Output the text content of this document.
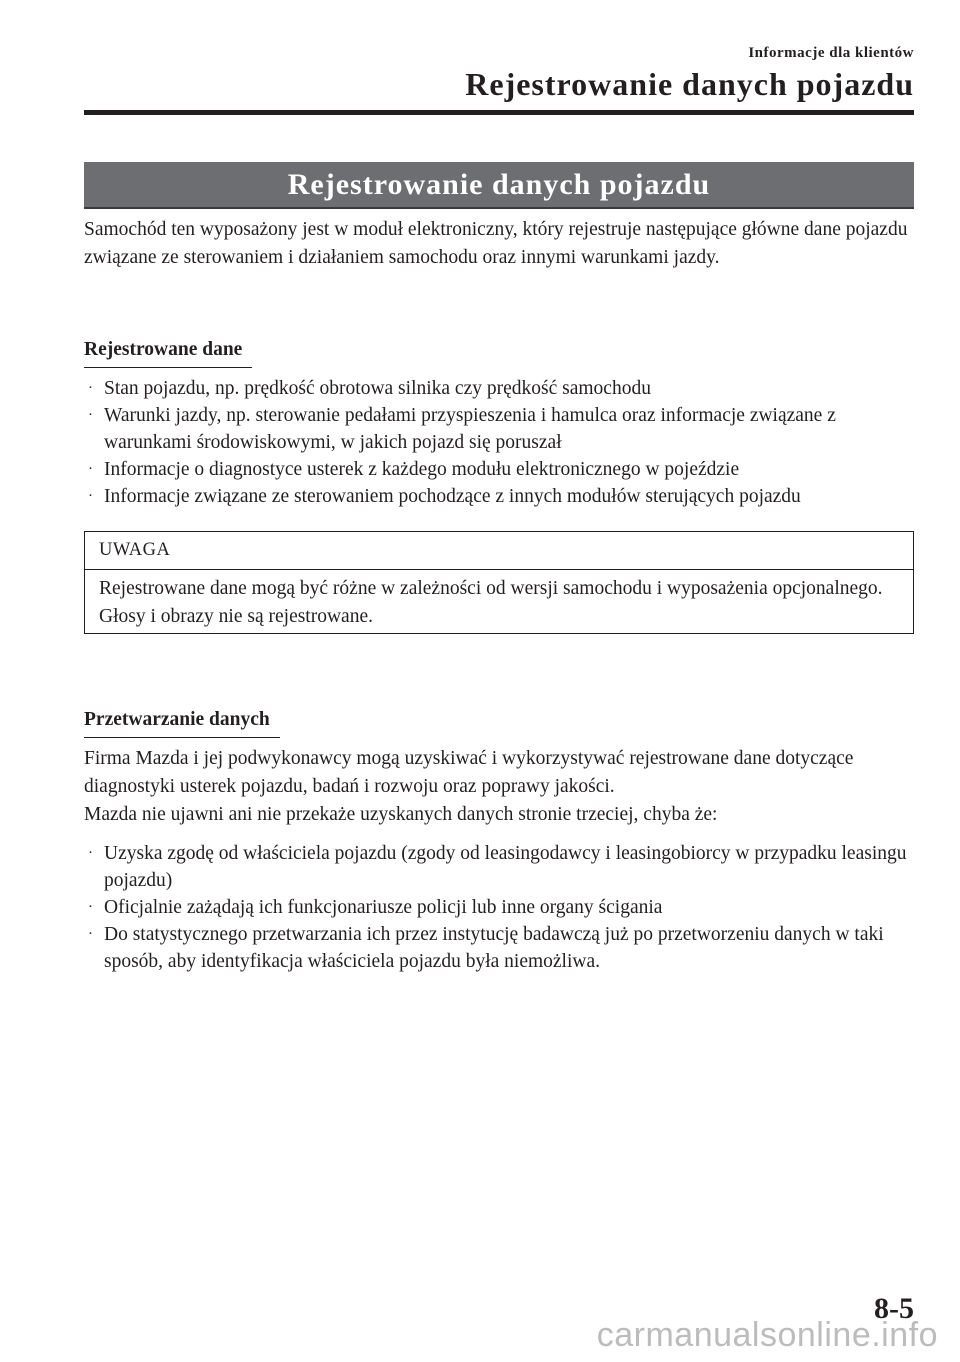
Informacje dla klientów
Rejestrowanie danych pojazdu
Rejestrowanie danych pojazdu

Samochód ten wyposażony jest w moduł elektroniczny, który rejestruje następujące główne dane pojazdu związane ze sterowaniem i działaniem samochodu oraz innymi warunkami jazdy.

Rejestrowane dane
· Stan pojazdu, np. prędkość obrotowa silnika czy prędkość samochodu
· Warunki jazdy, np. sterowanie pedałami przyspieszenia i hamulca oraz informacje związane z warunkami środowiskowymi, w jakich pojazd się poruszał
· Informacje o diagnostyce usterek z każdego modułu elektronicznego w pojeździe
· Informacje związane ze sterowaniem pochodzące z innych modułów sterujących pojazdu
UWAGA
Rejestrowane dane mogą być różne w zależności od wersji samochodu i wyposażenia opcjonalnego. Głosy i obrazy nie są rejestrowane.
Przetwarzanie danych

Firma Mazda i jej podwykonawcy mogą uzyskiwać i wykorzystywać rejestrowane dane dotyczące diagnostyki usterek pojazdu, badań i rozwoju oraz poprawy jakości.

Mazda nie ujawni ani nie przekaże uzyskanych danych stronie trzeciej, chyba że:

· Uzyska zgodę od właściciela pojazdu (zgody od leasingodawcy i leasingobiorcy w przypadku leasingu pojazdu)
· Oficjalnie zażądają ich funkcjonariusze policji lub inne organy ścigania
· Do statystycznego przetwarzania ich przez instytucję badawczą już po przetworzeniu danych w taki sposób, aby identyfikacja właściciela pojazdu była niemożliwa.
8-5
carmanualsonline.info
